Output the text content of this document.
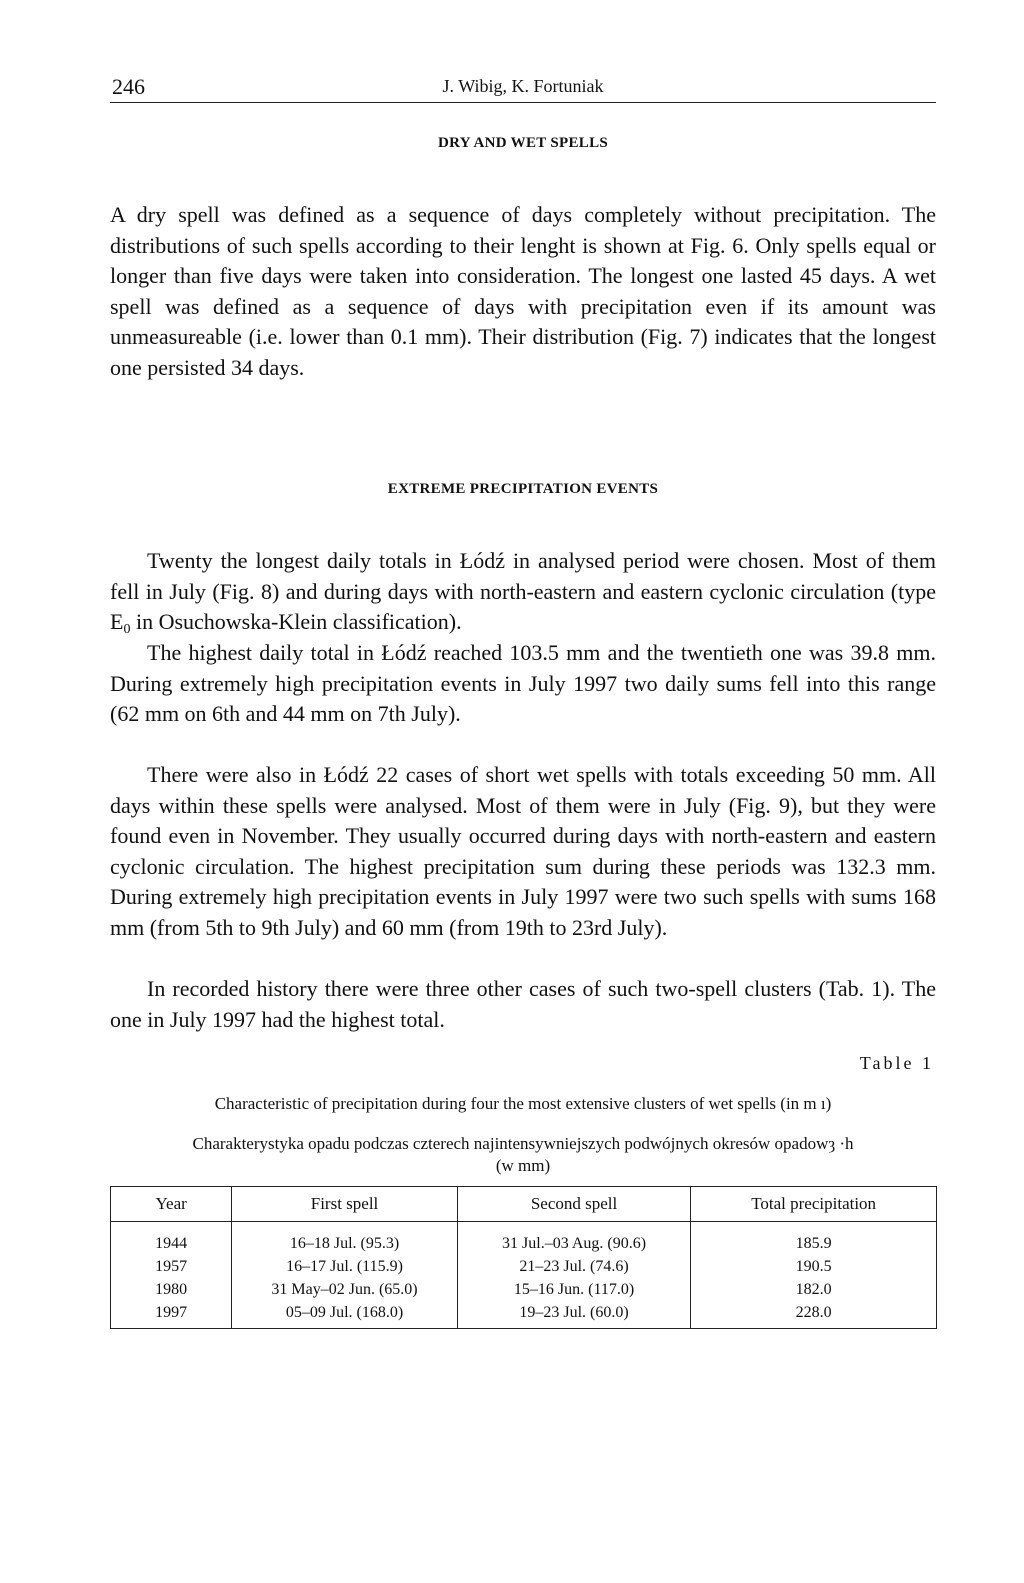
246	J. Wibig, K. Fortuniak
DRY AND WET SPELLS

A dry spell was defined as a sequence of days completely without precipitation. The distributions of such spells according to their lenght is shown at Fig. 6. Only spells equal or longer than five days were taken into consideration. The longest one lasted 45 days. A wet spell was defined as a sequence of days with precipitation even if its amount was unmeasureable (i.e. lower than 0.1 mm). Their distribution (Fig. 7) indicates that the longest one persisted 34 days.

EXTREME PRECIPITATION EVENTS

Twenty the longest daily totals in Łódź in analysed period were chosen. Most of them fell in July (Fig. 8) and during days with north-eastern and eastern cyclonic circulation (type $E_0$ in Osuchowska-Klein classification).

The highest daily total in Łódź reached 103.5 mm and the twentieth one was 39.8 mm. During extremely high precipitation events in July 1997 two daily sums fell into this range (62 mm on 6th and 44 mm on 7th July).

There were also in Łódź 22 cases of short wet spells with totals exceeding 50 mm. All days within these spells were analysed. Most of them were in July (Fig. 9), but they were found even in November. They usually occurred during days with north-eastern and eastern cyclonic circulation. The highest precipitation sum during these periods was 132.3 mm. During extremely high precipitation events in July 1997 were two such spells with sums 168 mm (from 5th to 9th July) and 60 mm (from 19th to 23rd July).

In recorded history there were three other cases of such two-spell clusters (Tab. 1). The one in July 1997 had the highest total.

Table 1
Characteristic of precipitation during four the most extensive clusters of wet spells (in m ı)
Charakterystyka opadu podczas czterech najintensywniejszych podwójnych okresów opadowȝ ·h
(w mm)
Year	First spell	Second spell	Total precipitation
1944	16–18 Jul. (95.3)	31 Jul.–03 Aug. (90.6)	185.9
1957	16–17 Jul. (115.9)	21–23 Jul. (74.6)	190.5
1980	31 May–02 Jun. (65.0)	15–16 Jun. (117.0)	182.0
1997	05–09 Jul. (168.0)	19–23 Jul. (60.0)	228.0
